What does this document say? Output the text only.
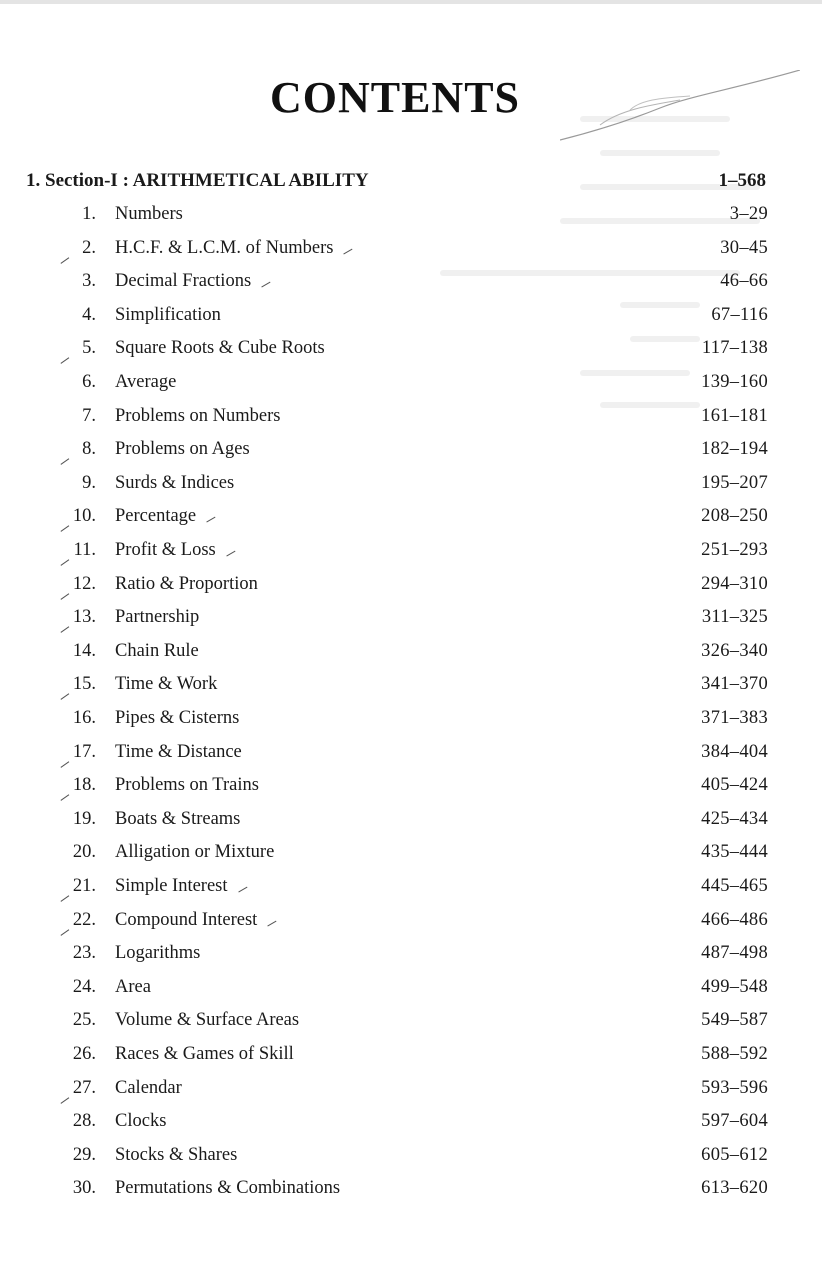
CONTENTS
1. Section-I : ARITHMETICAL ABILITY	1–568
1. Numbers	3–29
2. H.C.F. & L.C.M. of Numbers	30–45
3. Decimal Fractions	46–66
4. Simplification	67–116
5. Square Roots & Cube Roots	117–138
6. Average	139–160
7. Problems on Numbers	161–181
8. Problems on Ages	182–194
9. Surds & Indices	195–207
10. Percentage	208–250
11. Profit & Loss	251–293
12. Ratio & Proportion	294–310
13. Partnership	311–325
14. Chain Rule	326–340
15. Time & Work	341–370
16. Pipes & Cisterns	371–383
17. Time & Distance	384–404
18. Problems on Trains	405–424
19. Boats & Streams	425–434
20. Alligation or Mixture	435–444
21. Simple Interest	445–465
22. Compound Interest	466–486
23. Logarithms	487–498
24. Area	499–548
25. Volume & Surface Areas	549–587
26. Races & Games of Skill	588–592
27. Calendar	593–596
28. Clocks	597–604
29. Stocks & Shares	605–612
30. Permutations & Combinations	613–620
